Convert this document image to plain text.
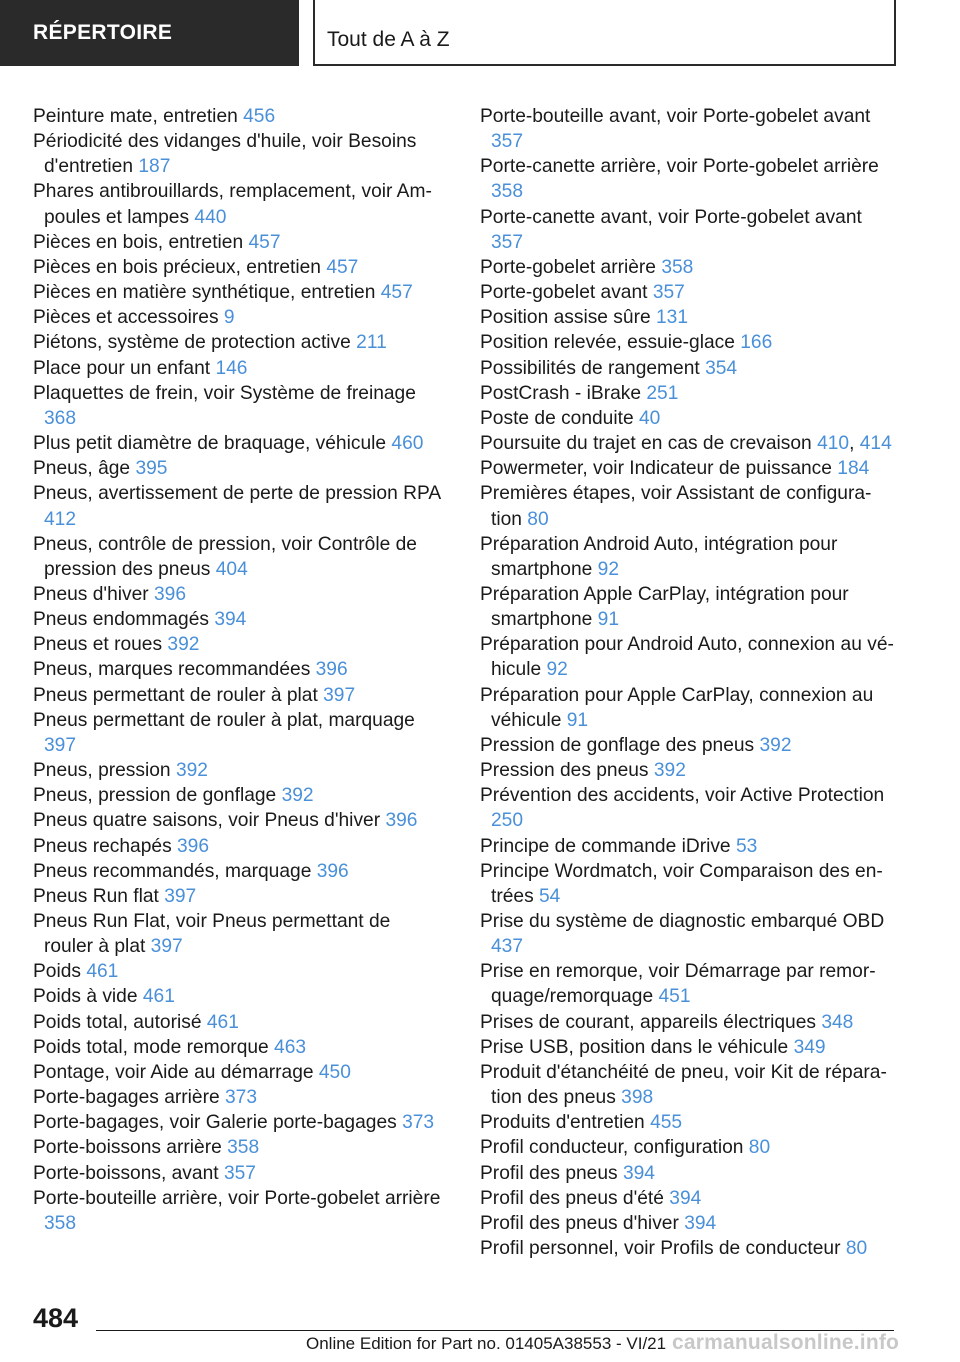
RÉPERTOIRE	Tout de A à Z
Peinture mate, entretien 456
Périodicité des vidanges d'huile, voir Besoins d'entretien 187
Phares antibrouillards, remplacement, voir Ampoules et lampes 440
Pièces en bois, entretien 457
Pièces en bois précieux, entretien 457
Pièces en matière synthétique, entretien 457
Pièces et accessoires 9
Piétons, système de protection active 211
Place pour un enfant 146
Plaquettes de frein, voir Système de freinage 368
Plus petit diamètre de braquage, véhicule 460
Pneus, âge 395
Pneus, avertissement de perte de pression RPA 412
Pneus, contrôle de pression, voir Contrôle de pression des pneus 404
Pneus d'hiver 396
Pneus endommagés 394
Pneus et roues 392
Pneus, marques recommandées 396
Pneus permettant de rouler à plat 397
Pneus permettant de rouler à plat, marquage 397
Pneus, pression 392
Pneus, pression de gonflage 392
Pneus quatre saisons, voir Pneus d'hiver 396
Pneus rechapés 396
Pneus recommandés, marquage 396
Pneus Run flat 397
Pneus Run Flat, voir Pneus permettant de rouler à plat 397
Poids 461
Poids à vide 461
Poids total, autorisé 461
Poids total, mode remorque 463
Pontage, voir Aide au démarrage 450
Porte-bagages arrière 373
Porte-bagages, voir Galerie porte-bagages 373
Porte-boissons arrière 358
Porte-boissons, avant 357
Porte-bouteille arrière, voir Porte-gobelet arrière 358
Porte-bouteille avant, voir Porte-gobelet avant 357
Porte-canette arrière, voir Porte-gobelet arrière 358
Porte-canette avant, voir Porte-gobelet avant 357
Porte-gobelet arrière 358
Porte-gobelet avant 357
Position assise sûre 131
Position relevée, essuie-glace 166
Possibilités de rangement 354
PostCrash - iBrake 251
Poste de conduite 40
Poursuite du trajet en cas de crevaison 410, 414
Powermeter, voir Indicateur de puissance 184
Premières étapes, voir Assistant de configuration 80
Préparation Android Auto, intégration pour smartphone 92
Préparation Apple CarPlay, intégration pour smartphone 91
Préparation pour Android Auto, connexion au véhicule 92
Préparation pour Apple CarPlay, connexion au véhicule 91
Pression de gonflage des pneus 392
Pression des pneus 392
Prévention des accidents, voir Active Protection 250
Principe de commande iDrive 53
Principe Wordmatch, voir Comparaison des entrées 54
Prise du système de diagnostic embarqué OBD 437
Prise en remorque, voir Démarrage par remorquage/remorquage 451
Prises de courant, appareils électriques 348
Prise USB, position dans le véhicule 349
Produit d'étanchéité de pneu, voir Kit de réparation des pneus 398
Produits d'entretien 455
Profil conducteur, configuration 80
Profil des pneus 394
Profil des pneus d'été 394
Profil des pneus d'hiver 394
Profil personnel, voir Profils de conducteur 80
484
Online Edition for Part no. 01405A38553 - VI/21 carmanualsonline.info
